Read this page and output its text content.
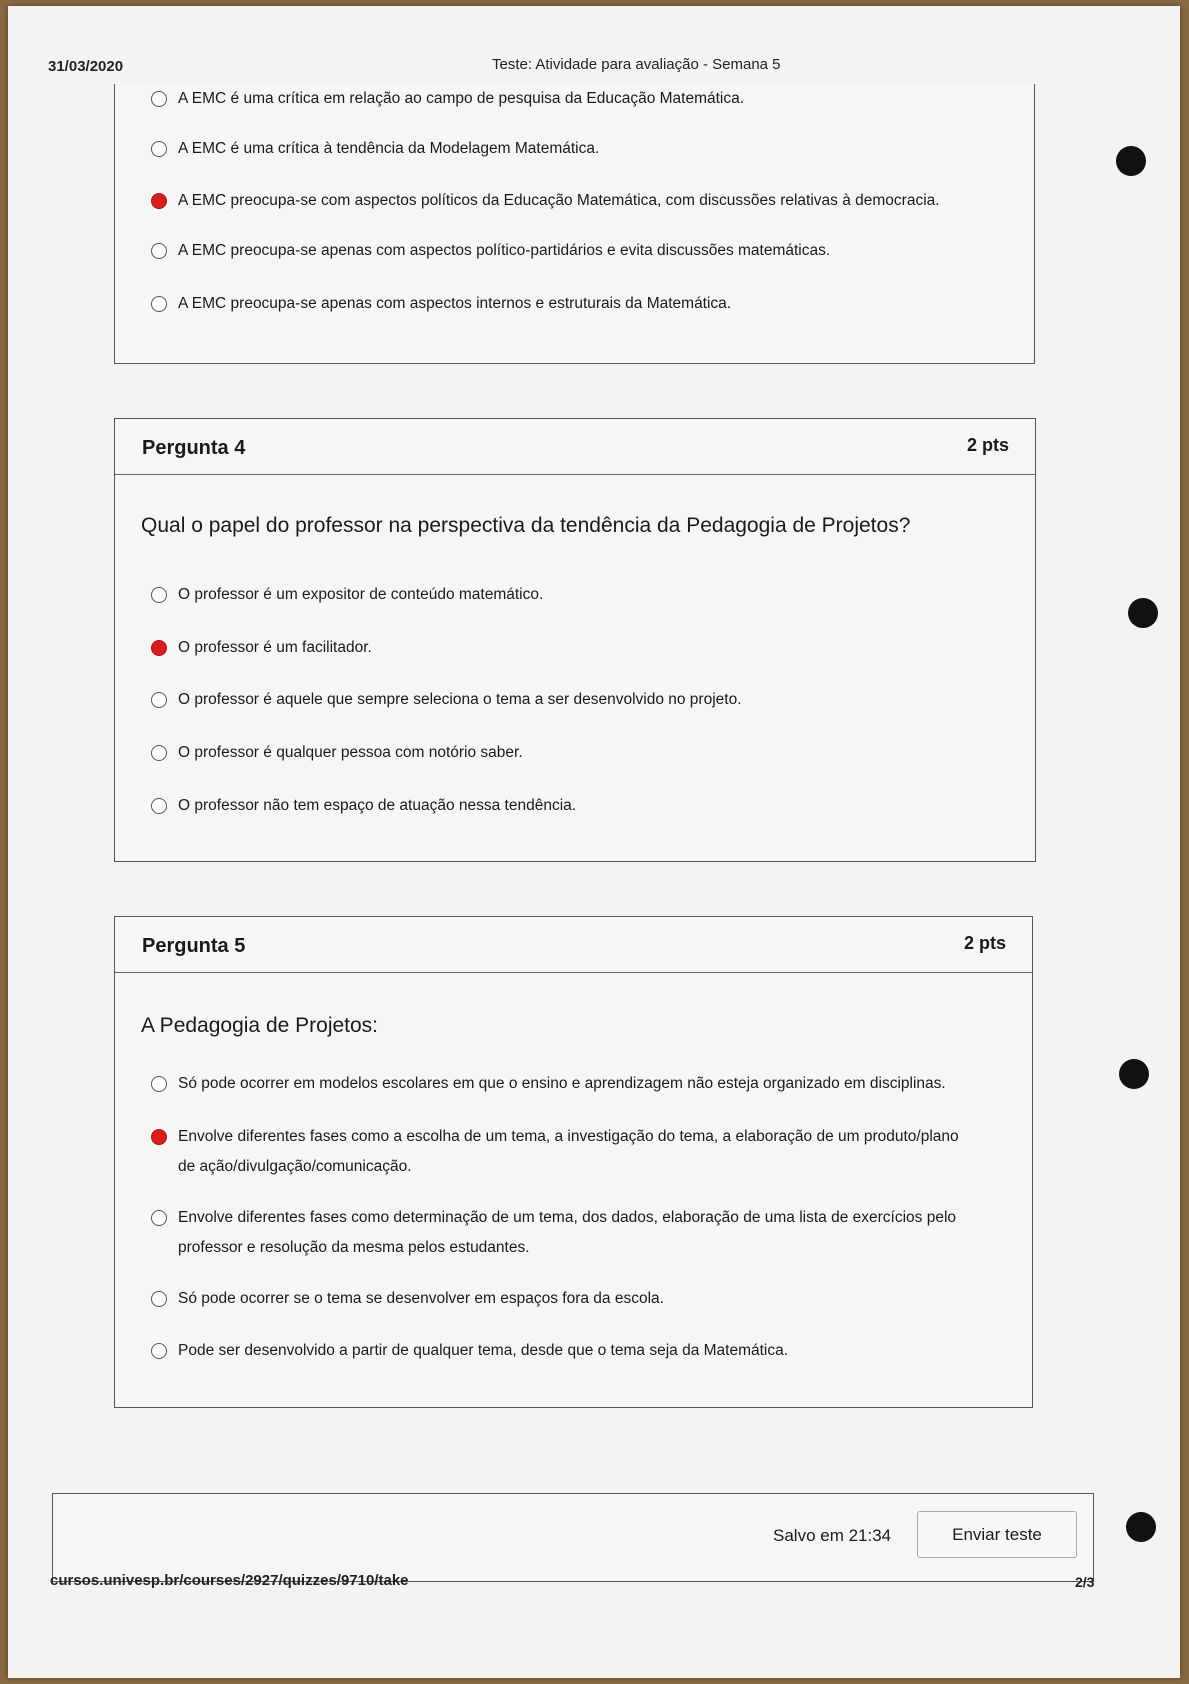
31/03/2020	Teste: Atividade para avaliação - Semana 5
A EMC é uma crítica em relação ao campo de pesquisa da Educação Matemática.
A EMC é uma crítica à tendência da Modelagem Matemática.
A EMC preocupa-se com aspectos políticos da Educação Matemática, com discussões relativas à democracia.
A EMC preocupa-se apenas com aspectos político-partidários e evita discussões matemáticas.
A EMC preocupa-se apenas com aspectos internos e estruturais da Matemática.
Pergunta 4	2 pts
Qual o papel do professor na perspectiva da tendência da Pedagogia de Projetos?
O professor é um expositor de conteúdo matemático.
O professor é um facilitador.
O professor é aquele que sempre seleciona o tema a ser desenvolvido no projeto.
O professor é qualquer pessoa com notório saber.
O professor não tem espaço de atuação nessa tendência.
Pergunta 5	2 pts
A Pedagogia de Projetos:
Só pode ocorrer em modelos escolares em que o ensino e aprendizagem não esteja organizado em disciplinas.
Envolve diferentes fases como a escolha de um tema, a investigação do tema, a elaboração de um produto/plano
de ação/divulgação/comunicação.
Envolve diferentes fases como determinação de um tema, dos dados, elaboração de uma lista de exercícios pelo
professor e resolução da mesma pelos estudantes.
Só pode ocorrer se o tema se desenvolver em espaços fora da escola.
Pode ser desenvolvido a partir de qualquer tema, desde que o tema seja da Matemática.
Salvo em 21:34	Enviar teste
cursos.univesp.br/courses/2927/quizzes/9710/take	2/3
